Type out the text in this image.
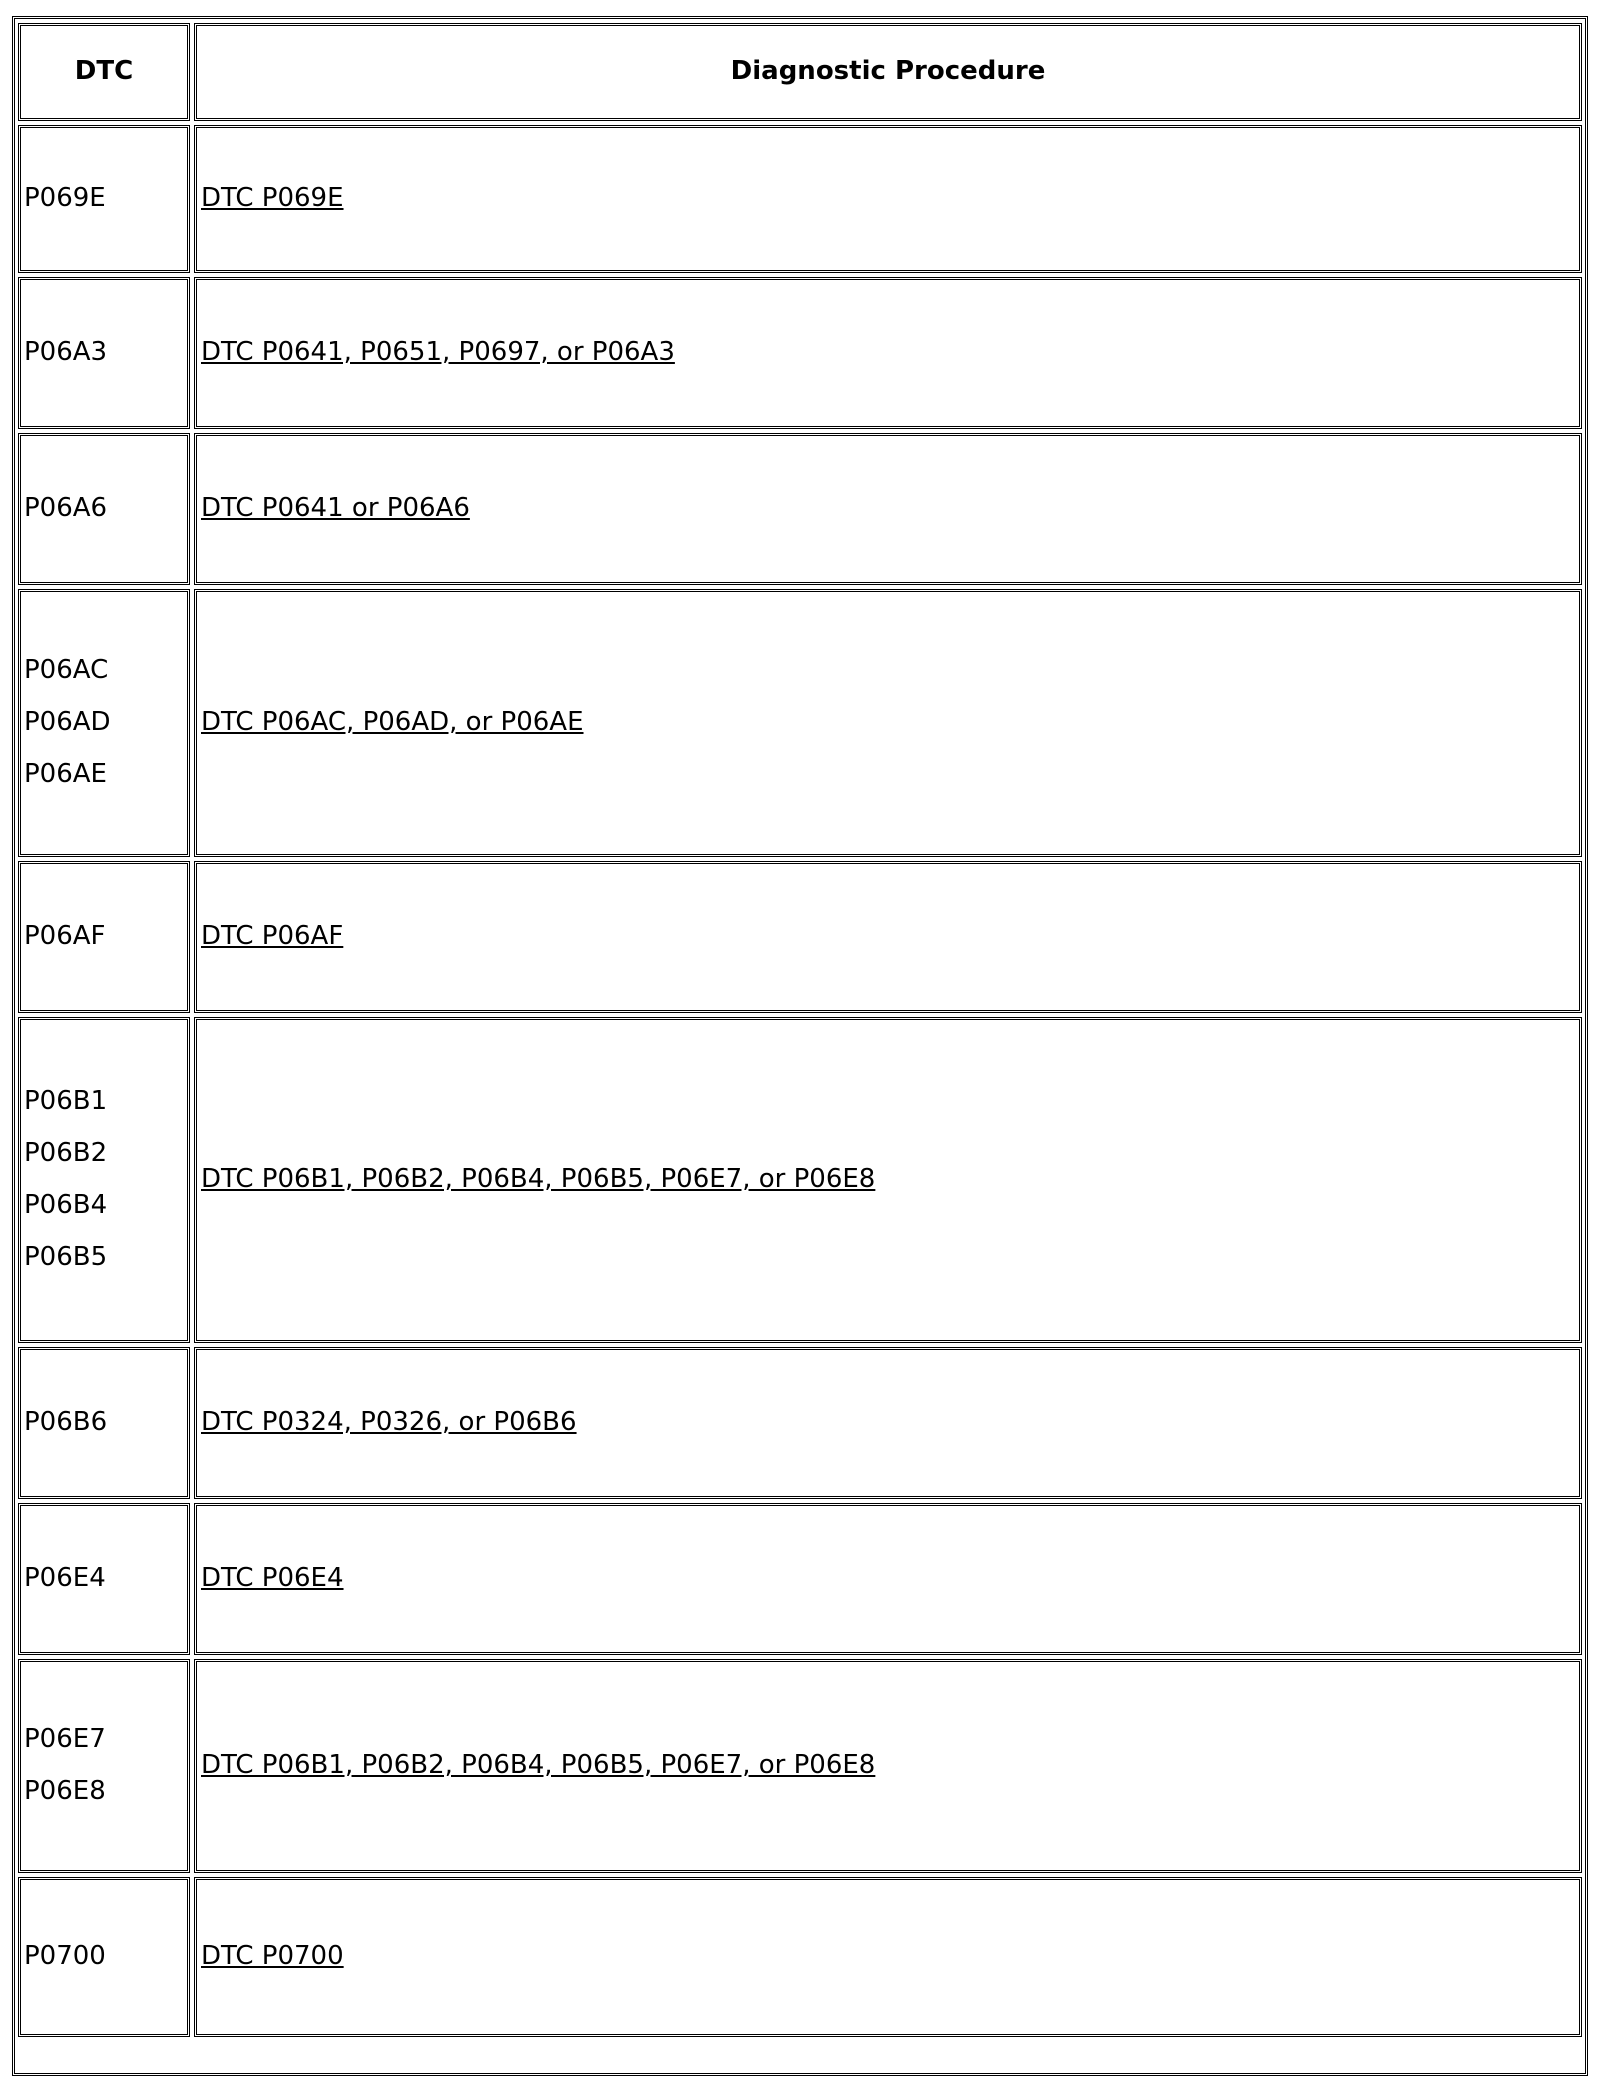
DTC	Diagnostic Procedure

P069E	DTC P069E

P06A3	DTC P0641, P0651, P0697, or P06A3

P06A6	DTC P0641 or P06A6

P06AC
P06AD
P06AE	DTC P06AC, P06AD, or P06AE

P06AF	DTC P06AF

P06B1
P06B2
P06B4
P06B5	DTC P06B1, P06B2, P06B4, P06B5, P06E7, or P06E8

P06B6	DTC P0324, P0326, or P06B6

P06E4	DTC P06E4

P06E7
P06E8	DTC P06B1, P06B2, P06B4, P06B5, P06E7, or P06E8

P0700	DTC P0700
